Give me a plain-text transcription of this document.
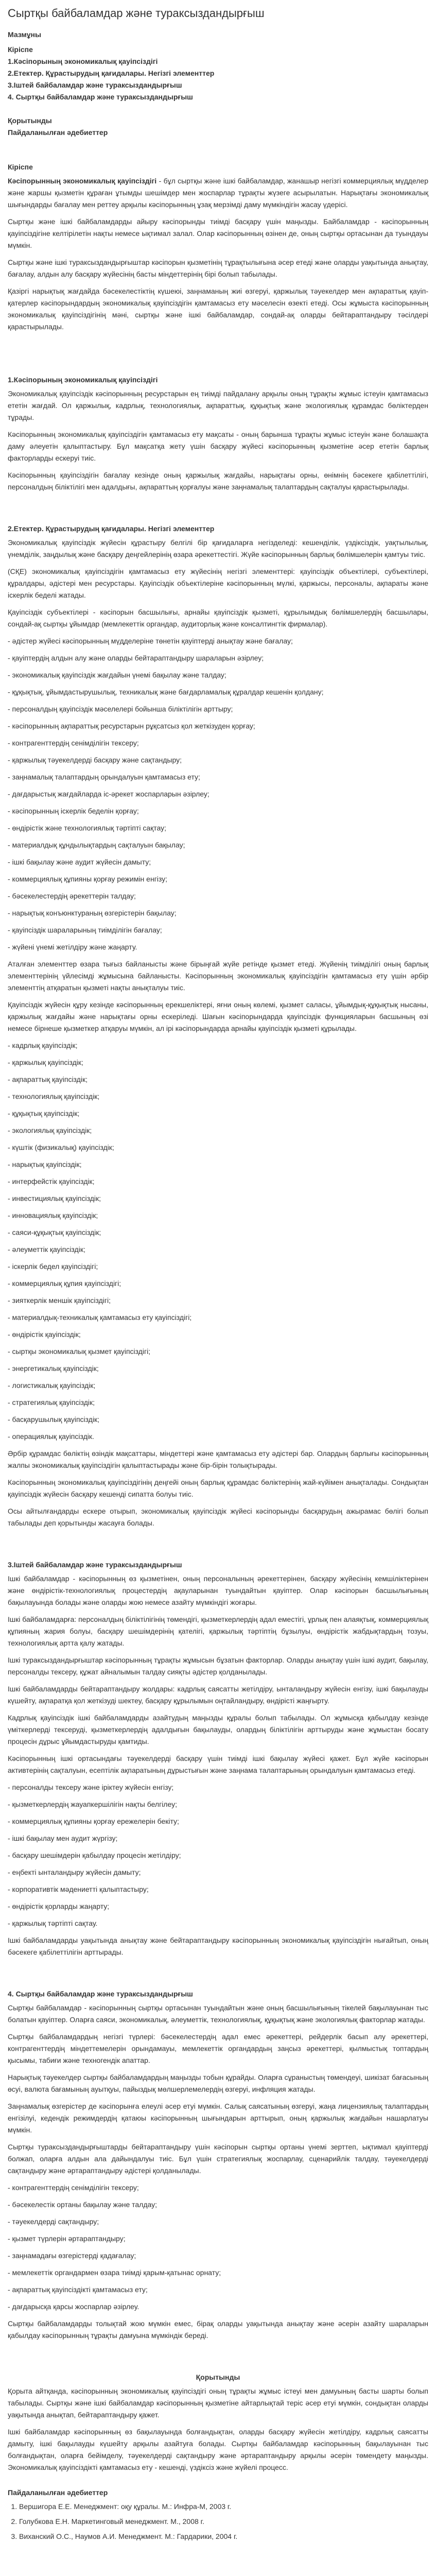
Сыртқы байбаламдар және тураксыздандырғыш
Мазмұны
Кіріспе
1.Кәсіпорының экономикалық қауіпсіздігі
2.Етектер. Құрастырудың қағидалары. Негізгі элементтер
3.Іштей байбаламдар және тураксыздандырғыш
4. Сыртқы байбаламдар және тураксыздандырғыш
Қорытынды
Пайдаланылған әдебиеттер
Кіріспе

Кәсіпорынның экономикалық қауіпсіздігі - бұл сыртқы және ішкі байбаламдар, жанашыр негізгі коммерциялық мүдделер және жаршы қызметін құраған ұтымды шешімдер мен жоспарлар тұрақты жүзеге асырылатын. Нарықтағы экономикалық шығындарды бағалау мен реттеу арқылы кәсіпорынның ұзақ мерзімді даму мүмкіндігін жасау үдерісі.

Сыртқы және ішкі байбаламдарды айыру кәсіпорынды тиімді басқару үшін маңызды. Байбаламдар - кәсіпорынның қауіпсіздігіне келтірілетін нақты немесе ықтимал залал. Олар кәсіпорынның өзінен де, оның сыртқы ортасынан да туындауы мүмкін.

Сыртқы және ішкі тураксыздандырғыштар кәсіпорын қызметінің тұрақтылығына әсер етеді және оларды уақытында анықтау, бағалау, алдын алу басқару жүйесінің басты міндеттерінің бірі болып табылады.

Қазіргі нарықтық жағдайда бәсекелестіктің күшеюі, заңнаманың жиі өзгеруі, қаржылық тәуекелдер мен ақпараттық қауіп-қатерлер кәсіпорындардың экономикалық қауіпсіздігін қамтамасыз ету мәселесін өзекті етеді. Осы жұмыста кәсіпорынның экономикалық қауіпсіздігінің мәні, сыртқы және ішкі байбаламдар, сондай-ақ оларды бейтараптандыру тәсілдері қарастырылады.

1.Кәсіпорының экономикалық қауіпсіздігі

Экономикалық қауіпсіздік кәсіпорынның ресурстарын ең тиімді пайдалану арқылы оның тұрақты жұмыс істеуін қамтамасыз ететін жағдай. Ол қаржылық, кадрлық, технологиялық, ақпараттық, құқықтық және экологиялық құрамдас бөліктерден тұрады.

Кәсіпорынның экономикалық қауіпсіздігін қамтамасыз ету мақсаты - оның барынша тұрақты жұмыс істеуін және болашақта даму әлеуетін қалыптастыру. Бұл мақсатқа жету үшін басқару жүйесі кәсіпорынның қызметіне әсер ететін барлық факторларды ескеруі тиіс.

Кәсіпорынның қауіпсіздігін бағалау кезінде оның қаржылық жағдайы, нарықтағы орны, өнімнің бәсекеге қабілеттілігі, персоналдың біліктілігі мен адалдығы, ақпараттың қорғалуы және заңнамалық талаптардың сақталуы қарастырылады.

2.Етектер. Құрастырудың қағидалары. Негізгі элементтер

Экономикалық қауіпсіздік жүйесін құрастыру белгілі бір қағидаларға негізделеді: кешенділік, үздіксіздік, уақтылылық, үнемділік, заңдылық және басқару деңгейлерінің өзара әрекеттестігі. Жүйе кәсіпорынның барлық бөлімшелерін қамтуы тиіс.

(СҚЕ) экономикалық қауіпсіздігін қамтамасыз ету жүйесінің негізгі элементтері: қауіпсіздік объектілері, субъектілері, құралдары, әдістері мен ресурстары. Қауіпсіздік объектілеріне кәсіпорынның мүлкі, қаржысы, персоналы, ақпараты және іскерлік беделі жатады.

Қауіпсіздік субъектілері - кәсіпорын басшылығы, арнайы қауіпсіздік қызметі, құрылымдық бөлімшелердің басшылары, сондай-ақ сыртқы ұйымдар (мемлекеттік органдар, аудиторлық және консалтингтік фирмалар).

- әдістер жүйесі кәсіпорынның мүдделеріне төнетін қауіптерді анықтау және бағалау;

- қауіптердің алдын алу және оларды бейтараптандыру шараларын әзірлеу;

- экономикалық қауіпсіздік жағдайын үнемі бақылау және талдау;

- құқықтық, ұйымдастырушылық, техникалық және бағдарламалық құралдар кешенін қолдану;

- персоналдың қауіпсіздік мәселелері бойынша біліктілігін арттыру;

- кәсіпорынның ақпараттық ресурстарын рұқсатсыз қол жеткізуден қорғау;

- контрагенттердің сенімділігін тексеру;

- қаржылық тәуекелдерді басқару және сақтандыру;

- заңнамалық талаптардың орындалуын қамтамасыз ету;

- дағдарыстық жағдайларда іс-әрекет жоспарларын әзірлеу;

- кәсіпорынның іскерлік беделін қорғау;

- өндірістік және технологиялық тәртіпті сақтау;

- материалдық құндылықтардың сақталуын бақылау;

- ішкі бақылау және аудит жүйесін дамыту;

- коммерциялық құпияны қорғау режимін енгізу;

- бәсекелестердің әрекеттерін талдау;

- нарықтық конъюнктураның өзгерістерін бақылау;

- қауіпсіздік шараларының тиімділігін бағалау;

- жүйені үнемі жетілдіру және жаңарту.

Аталған элементтер өзара тығыз байланысты және бірыңғай жүйе ретінде қызмет етеді. Жүйенің тиімділігі оның барлық элементтерінің үйлесімді жұмысына байланысты. Кәсіпорынның экономикалық қауіпсіздігін қамтамасыз ету үшін әрбір элементтің атқаратын қызметі нақты анықталуы тиіс.

Қауіпсіздік жүйесін құру кезінде кәсіпорынның ерекшеліктері, яғни оның көлемі, қызмет саласы, ұйымдық-құқықтық нысаны, қаржылық жағдайы және нарықтағы орны ескеріледі. Шағын кәсіпорындарда қауіпсіздік функцияларын басшының өзі немесе бірнеше қызметкер атқаруы мүмкін, ал ірі кәсіпорындарда арнайы қауіпсіздік қызметі құрылады.

- кадрлық қауіпсіздік;

- қаржылық қауіпсіздік;

- ақпараттық қауіпсіздік;

- технологиялық қауіпсіздік;

- құқықтық қауіпсіздік;

- экологиялық қауіпсіздік;

- күштік (физикалық) қауіпсіздік;

- нарықтық қауіпсіздік;

- интерфейстік қауіпсіздік;

- инвестициялық қауіпсіздік;

- инновациялық қауіпсіздік;

- саяси-құқықтық қауіпсіздік;

- әлеуметтік қауіпсіздік;

- іскерлік бедел қауіпсіздігі;

- коммерциялық құпия қауіпсіздігі;

- зияткерлік меншік қауіпсіздігі;

- материалдық-техникалық қамтамасыз ету қауіпсіздігі;

- өндірістік қауіпсіздік;

- сыртқы экономикалық қызмет қауіпсіздігі;

- энергетикалық қауіпсіздік;

- логистикалық қауіпсіздік;

- стратегиялық қауіпсіздік;

- басқарушылық қауіпсіздік;

- операциялық қауіпсіздік.

Әрбір құрамдас бөліктің өзіндік мақсаттары, міндеттері және қамтамасыз ету әдістері бар. Олардың барлығы кәсіпорынның жалпы экономикалық қауіпсіздігін қалыптастырады және бір-бірін толықтырады.

Кәсіпорынның экономикалық қауіпсіздігінің деңгейі оның барлық құрамдас бөліктерінің жай-күйімен анықталады. Сондықтан қауіпсіздік жүйесін басқару кешенді сипатта болуы тиіс.

Осы айтылғандарды ескере отырып, экономикалық қауіпсіздік жүйесі кәсіпорынды басқарудың ажырамас бөлігі болып табылады деп қорытынды жасауға болады.

3.Іштей байбаламдар және тураксыздандырғыш

Ішкі байбаламдар - кәсіпорынның өз қызметінен, оның персоналының әрекеттерінен, басқару жүйесінің кемшіліктерінен және өндірістік-технологиялық процестердің ақауларынан туындайтын қауіптер. Олар кәсіпорын басшылығының бақылауында болады және оларды жою немесе азайту мүмкіндігі жоғары.

Ішкі байбаламдарға: персоналдың біліктілігінің төмендігі, қызметкерлердің адал еместігі, ұрлық пен алаяқтық, коммерциялық құпияның жария болуы, басқару шешімдерінің қателігі, қаржылық тәртіптің бұзылуы, өндірістік жабдықтардың тозуы, технологиялық артта қалу жатады.

Ішкі тураксыздандырғыштар кәсіпорынның тұрақты жұмысын бұзатын факторлар. Оларды анықтау үшін ішкі аудит, бақылау, персоналды тексеру, құжат айналымын талдау сияқты әдістер қолданылады.

Ішкі байбаламдарды бейтараптандыру жолдары: кадрлық саясатты жетілдіру, ынталандыру жүйесін енгізу, ішкі бақылауды күшейту, ақпаратқа қол жеткізуді шектеу, басқару құрылымын оңтайландыру, өндірісті жаңғырту.

Кадрлық қауіпсіздік ішкі байбаламдарды азайтудың маңызды құралы болып табылады. Ол жұмысқа қабылдау кезінде үміткерлерді тексеруді, қызметкерлердің адалдығын бақылауды, олардың біліктілігін арттыруды және жұмыстан босату процесін дұрыс ұйымдастыруды қамтиды.

Кәсіпорынның ішкі ортасындағы тәуекелдерді басқару үшін тиімді ішкі бақылау жүйесі қажет. Бұл жүйе кәсіпорын активтерінің сақталуын, есептілік ақпаратының дұрыстығын және заңнама талаптарының орындалуын қамтамасыз етеді.

- персоналды тексеру және іріктеу жүйесін енгізу;

- қызметкерлердің жауапкершілігін нақты белгілеу;

- коммерциялық құпияны қорғау ережелерін бекіту;

- ішкі бақылау мен аудит жүргізу;

- басқару шешімдерін қабылдау процесін жетілдіру;

- еңбекті ынталандыру жүйесін дамыту;

- корпоративтік мәдениетті қалыптастыру;

- өндірістік қорларды жаңарту;

- қаржылық тәртіпті сақтау.

Ішкі байбаламдарды уақытында анықтау және бейтараптандыру кәсіпорынның экономикалық қауіпсіздігін нығайтып, оның бәсекеге қабілеттілігін арттырады.

4. Сыртқы байбаламдар және тураксыздандырғыш

Сыртқы байбаламдар - кәсіпорынның сыртқы ортасынан туындайтын және оның басшылығының тікелей бақылауынан тыс болатын қауіптер. Оларға саяси, экономикалық, әлеуметтік, технологиялық, құқықтық және экологиялық факторлар жатады.

Сыртқы байбаламдардың негізгі түрлері: бәсекелестердің адал емес әрекеттері, рейдерлік басып алу әрекеттері, контрагенттердің міндеттемелерін орындамауы, мемлекеттік органдардың заңсыз әрекеттері, қылмыстық топтардың қысымы, табиғи және техногендік апаттар.

Нарықтық тәуекелдер сыртқы байбаламдардың маңызды тобын құрайды. Оларға сұраныстың төмендеуі, шикізат бағасының өсуі, валюта бағамының ауытқуы, пайыздық мөлшерлемелердің өзгеруі, инфляция жатады.

Заңнамалық өзгерістер де кәсіпорынға елеулі әсер етуі мүмкін. Салық саясатының өзгеруі, жаңа лицензиялық талаптардың енгізілуі, кедендік режимдердің қатаюы кәсіпорынның шығындарын арттырып, оның қаржылық жағдайын нашарлатуы мүмкін.

Сыртқы тураксыздандырғыштарды бейтараптандыру үшін кәсіпорын сыртқы ортаны үнемі зерттеп, ықтимал қауіптерді болжап, оларға алдын ала дайындалуы тиіс. Бұл үшін стратегиялық жоспарлау, сценарийлік талдау, тәуекелдерді сақтандыру және әртараптандыру әдістері қолданылады.

- контрагенттердің сенімділігін тексеру;

- бәсекелестік ортаны бақылау және талдау;

- тәуекелдерді сақтандыру;

- қызмет түрлерін әртараптандыру;

- заңнамадағы өзгерістерді қадағалау;

- мемлекеттік органдармен өзара тиімді қарым-қатынас орнату;

- ақпараттық қауіпсіздікті қамтамасыз ету;

- дағдарысқа қарсы жоспарлар әзірлеу.

Сыртқы байбаламдарды толықтай жою мүмкін емес, бірақ оларды уақытында анықтау және әсерін азайту шараларын қабылдау кәсіпорынның тұрақты дамуына мүмкіндік береді.

Қорытынды

Қорыта айтқанда, кәсіпорынның экономикалық қауіпсіздігі оның тұрақты жұмыс істеуі мен дамуының басты шарты болып табылады. Сыртқы және ішкі байбаламдар кәсіпорынның қызметіне айтарлықтай теріс әсер етуі мүмкін, сондықтан оларды уақытында анықтап, бейтараптандыру қажет.

Ішкі байбаламдар кәсіпорынның өз бақылауында болғандықтан, оларды басқару жүйесін жетілдіру, кадрлық саясатты дамыту, ішкі бақылауды күшейту арқылы азайтуға болады. Сыртқы байбаламдар кәсіпорынның бақылауынан тыс болғандықтан, оларға бейімделу, тәуекелдерді сақтандыру және әртараптандыру арқылы әсерін төмендету маңызды. Экономикалық қауіпсіздікті қамтамасыз ету - кешенді, үздіксіз және жүйелі процесс.

Пайдаланылған әдебиеттер
1. Вершигора Е.Е. Менеджмент: оқу құралы. М.: Инфра-М, 2003 г.
2. Голубкова Е.Н. Маркетинговый менеджмент. М., 2008 г.
3. Виханский О.С., Наумов А.И. Менеджмент. М.: Гардарики, 2004 г.
